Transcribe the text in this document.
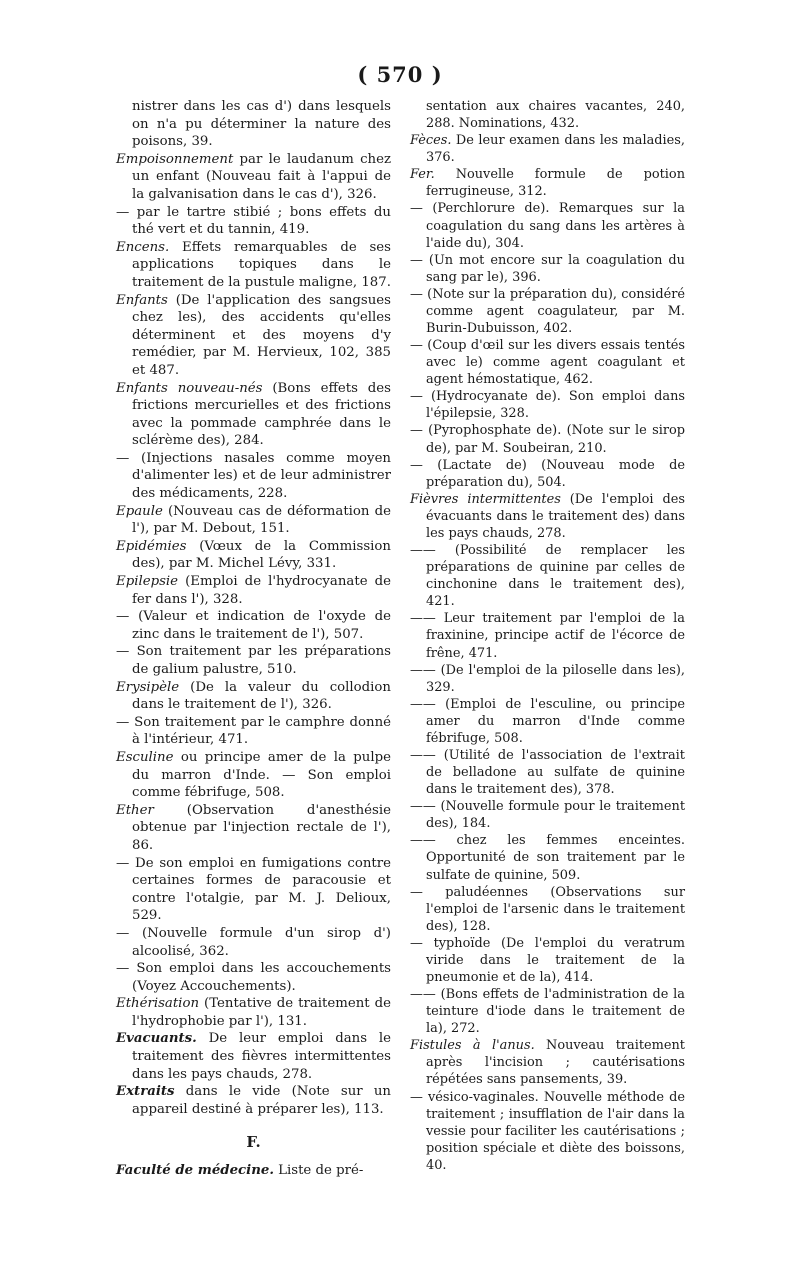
( 570 )
nistrer dans les cas d') dans lesquels on n'a pu déterminer la nature des poisons, 39.
Empoisonnement par le laudanum chez un enfant (Nouveau fait à l'appui de la galvanisation dans le cas d'), 326.
— par le tartre stibié ; bons effets du thé vert et du tannin, 419.
Encens. Effets remarquables de ses applications topiques dans le traitement de la pustule maligne, 187.
Enfants (De l'application des sangsues chez les), des accidents qu'elles déterminent et des moyens d'y remédier, par M. Hervieux, 102, 385 et 487.
Enfants nouveau-nés (Bons effets des frictions mercurielles et des frictions avec la pommade camphrée dans le sclérème des), 284.
— (Injections nasales comme moyen d'alimenter les) et de leur administrer des médicaments, 228.
Epaule (Nouveau cas de déformation de l'), par M. Debout, 151.
Epidémies (Vœux de la Commission des), par M. Michel Lévy, 331.
Epilepsie (Emploi de l'hydrocyanate de fer dans l'), 328.
— (Valeur et indication de l'oxyde de zinc dans le traitement de l'), 507.
— Son traitement par les préparations de galium palustre, 510.
Erysipèle (De la valeur du collodion dans le traitement de l'), 326.
— Son traitement par le camphre donné à l'intérieur, 471.
Esculine ou principe amer de la pulpe du marron d'Inde. — Son emploi comme fébrifuge, 508.
Ether (Observation d'anesthésie obtenue par l'injection rectale de l'), 86.
— De son emploi en fumigations contre certaines formes de paracousie et contre l'otalgie, par M. J. Delioux, 529.
— (Nouvelle formule d'un sirop d') alcoolisé, 362.
— Son emploi dans les accouchements (Voyez Accouchements).
Ethérisation (Tentative de traitement de l'hydrophobie par l'), 131.
Evacuants. De leur emploi dans le traitement des fièvres intermittentes dans les pays chauds, 278.
Extraits dans le vide (Note sur un appareil destiné à préparer les), 113.
F.
Faculté de médecine. Liste de pré-
sentation aux chaires vacantes, 240, 288. Nominations, 432.
Fèces. De leur examen dans les maladies, 376.
Fer. Nouvelle formule de potion ferrugineuse, 312.
— (Perchlorure de). Remarques sur la coagulation du sang dans les artères à l'aide du), 304.
— (Un mot encore sur la coagulation du sang par le), 396.
— (Note sur la préparation du), considéré comme agent coagulateur, par M. Burin-Dubuisson, 402.
— (Coup d'œil sur les divers essais tentés avec le) comme agent coagulant et agent hémostatique, 462.
— (Hydrocyanate de). Son emploi dans l'épilepsie, 328.
— (Pyrophosphate de). (Note sur le sirop de), par M. Soubeiran, 210.
— (Lactate de) (Nouveau mode de préparation du), 504.
Fièvres intermittentes (De l'emploi des évacuants dans le traitement des) dans les pays chauds, 278.
—— (Possibilité de remplacer les préparations de quinine par celles de cinchonine dans le traitement des), 421.
—— Leur traitement par l'emploi de la fraxinine, principe actif de l'écorce de frêne, 471.
—— (De l'emploi de la piloselle dans les), 329.
—— (Emploi de l'esculine, ou principe amer du marron d'Inde comme fébrifuge, 508.
—— (Utilité de l'association de l'extrait de belladone au sulfate de quinine dans le traitement des), 378.
—— (Nouvelle formule pour le traitement des), 184.
—— chez les femmes enceintes. Opportunité de son traitement par le sulfate de quinine, 509.
— paludéennes (Observations sur l'emploi de l'arsenic dans le traitement des), 128.
— typhoïde (De l'emploi du veratrum viride dans le traitement de la pneumonie et de la), 414.
—— (Bons effets de l'administration de la teinture d'iode dans le traitement de la), 272.
Fistules à l'anus. Nouveau traitement après l'incision ; cautérisations répétées sans pansements, 39.
— vésico-vaginales. Nouvelle méthode de traitement ; insufflation de l'air dans la vessie pour faciliter les cautérisations ; position spéciale et diète des boissons, 40.
